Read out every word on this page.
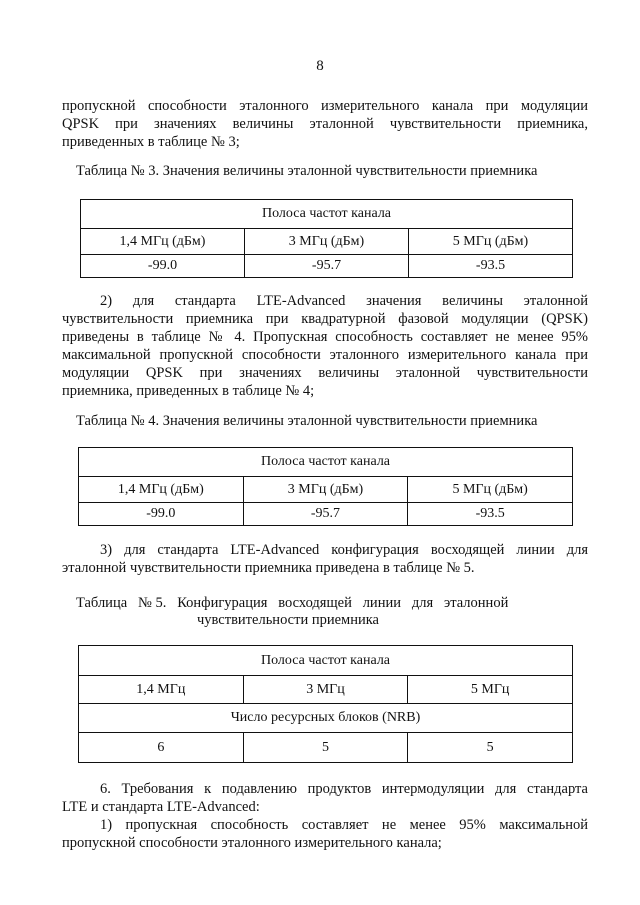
8
пропускной способности эталонного измерительного канала при модуляции
QPSK при значениях величины эталонной чувствительности приемника,
приведенных в таблице № 3;
Таблица № 3. Значения величины эталонной чувствительности приемника
Полоса частот канала		
1,4 МГц (дБм)	3 МГц (дБм)	5 МГц (дБм)
-99.0	-95.7	-93.5
2) для стандарта LTE-Advanced значения величины эталонной
чувствительности приемника при квадратурной фазовой модуляции (QPSK)
приведены в таблице № 4. Пропускная способность составляет не менее 95%
максимальной пропускной способности эталонного измерительного канала при
модуляции QPSK при значениях величины эталонной чувствительности
приемника, приведенных в таблице № 4;
Таблица № 4. Значения величины эталонной чувствительности приемника
Полоса частот канала		
1,4 МГц (дБм)	3 МГц (дБм)	5 МГц (дБм)
-99.0	-95.7	-93.5
3) для стандарта LTE-Advanced конфигурация восходящей линии для
эталонной чувствительности приемника приведена в таблице № 5.
Таблица   № 5.   Конфигурация   восходящей   линии   для   эталонной
чувствительности приемника
Полоса частот канала		
1,4 МГц	3 МГц	5 МГц
Число ресурсных блоков (NRB)		
6	5	5
6. Требования к подавлению продуктов интермодуляции для стандарта
LTE и стандарта LTE-Advanced:
1) пропускная способность составляет не менее 95% максимальной
пропускной способности эталонного измерительного канала;
